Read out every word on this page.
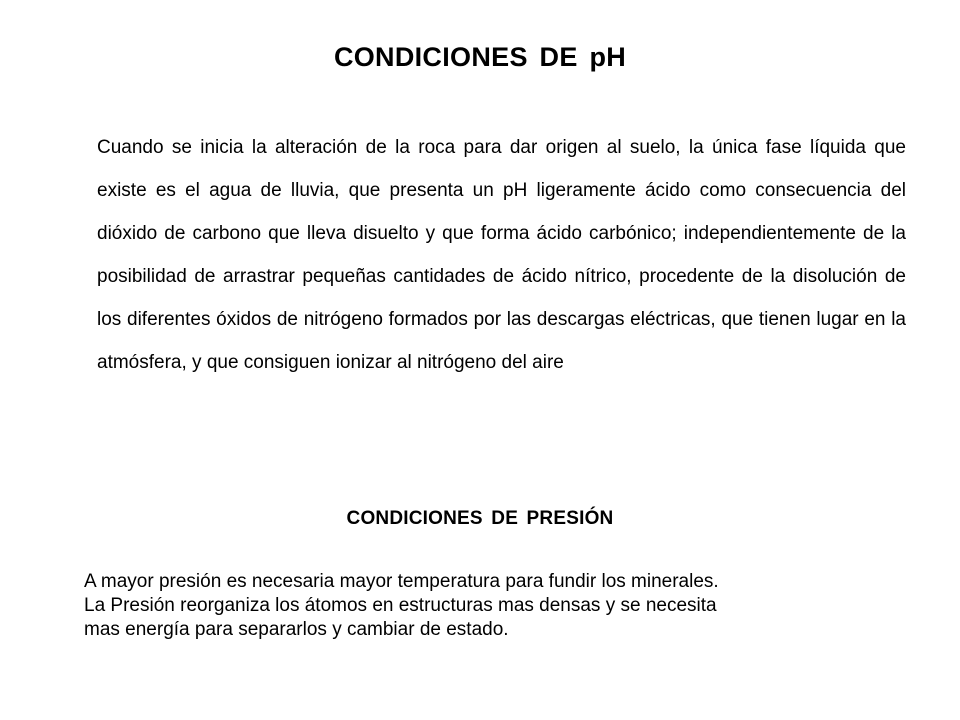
CONDICIONES DE pH

Cuando se inicia la alteración de la roca para dar origen al suelo, la única fase líquida que existe es el agua de lluvia, que presenta un pH ligeramente ácido como consecuencia del dióxido de carbono que lleva disuelto y que forma ácido carbónico; independientemente de la posibilidad de arrastrar pequeñas cantidades de ácido nítrico, procedente de la disolución de los diferentes óxidos de nitrógeno formados por las descargas eléctricas, que tienen lugar en la atmósfera, y que consiguen ionizar al nitrógeno del aire

CONDICIONES DE PRESIÓN

A mayor presión es necesaria mayor temperatura para fundir los minerales.
La Presión reorganiza los átomos en estructuras mas densas y se necesita
mas energía para separarlos y cambiar de estado.
